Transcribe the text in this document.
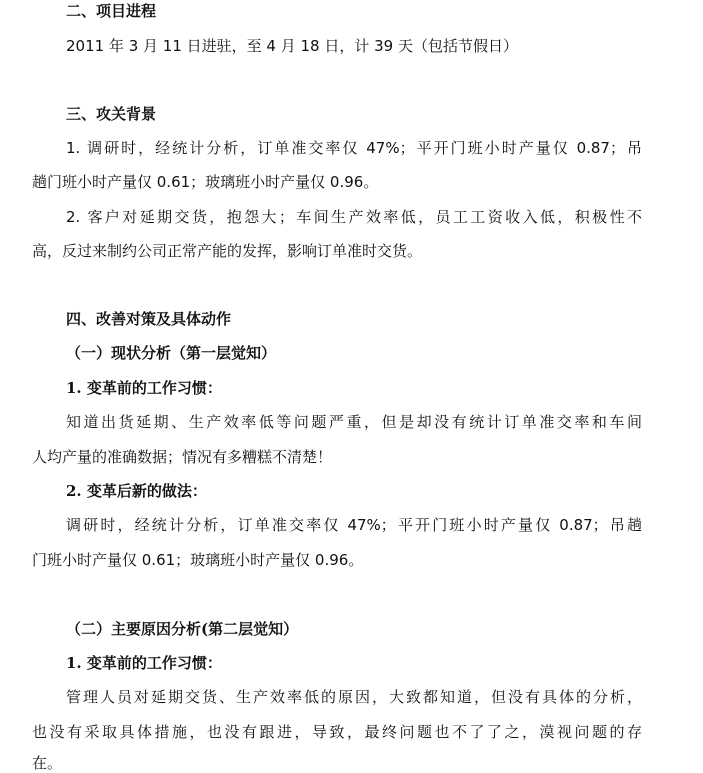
二、项目进程
2011 年 3 月 11 日进驻，至 4 月 18 日，计 39 天（包括节假日）
三、攻关背景
1. 调研时，经统计分析，订单准交率仅 47%；平开门班小时产量仅 0.87；吊
趟门班小时产量仅 0.61；玻璃班小时产量仅 0.96。
2. 客户对延期交货，抱怨大；车间生产效率低，员工工资收入低，积极性不
高，反过来制约公司正常产能的发挥，影响订单准时交货。
四、改善对策及具体动作
（一）现状分析（第一层觉知）
1. 变革前的工作习惯：
知道出货延期、生产效率低等问题严重，但是却没有统计订单准交率和车间
人均产量的准确数据；情况有多糟糕不清楚！
2. 变革后新的做法：
调研时，经统计分析，订单准交率仅 47%；平开门班小时产量仅 0.87；吊趟
门班小时产量仅 0.61；玻璃班小时产量仅 0.96。
（二）主要原因分析(第二层觉知）
1. 变革前的工作习惯：
管理人员对延期交货、生产效率低的原因，大致都知道，但没有具体的分析，
也没有采取具体措施，也没有跟进，导致，最终问题也不了了之，漠视问题的存
在。
